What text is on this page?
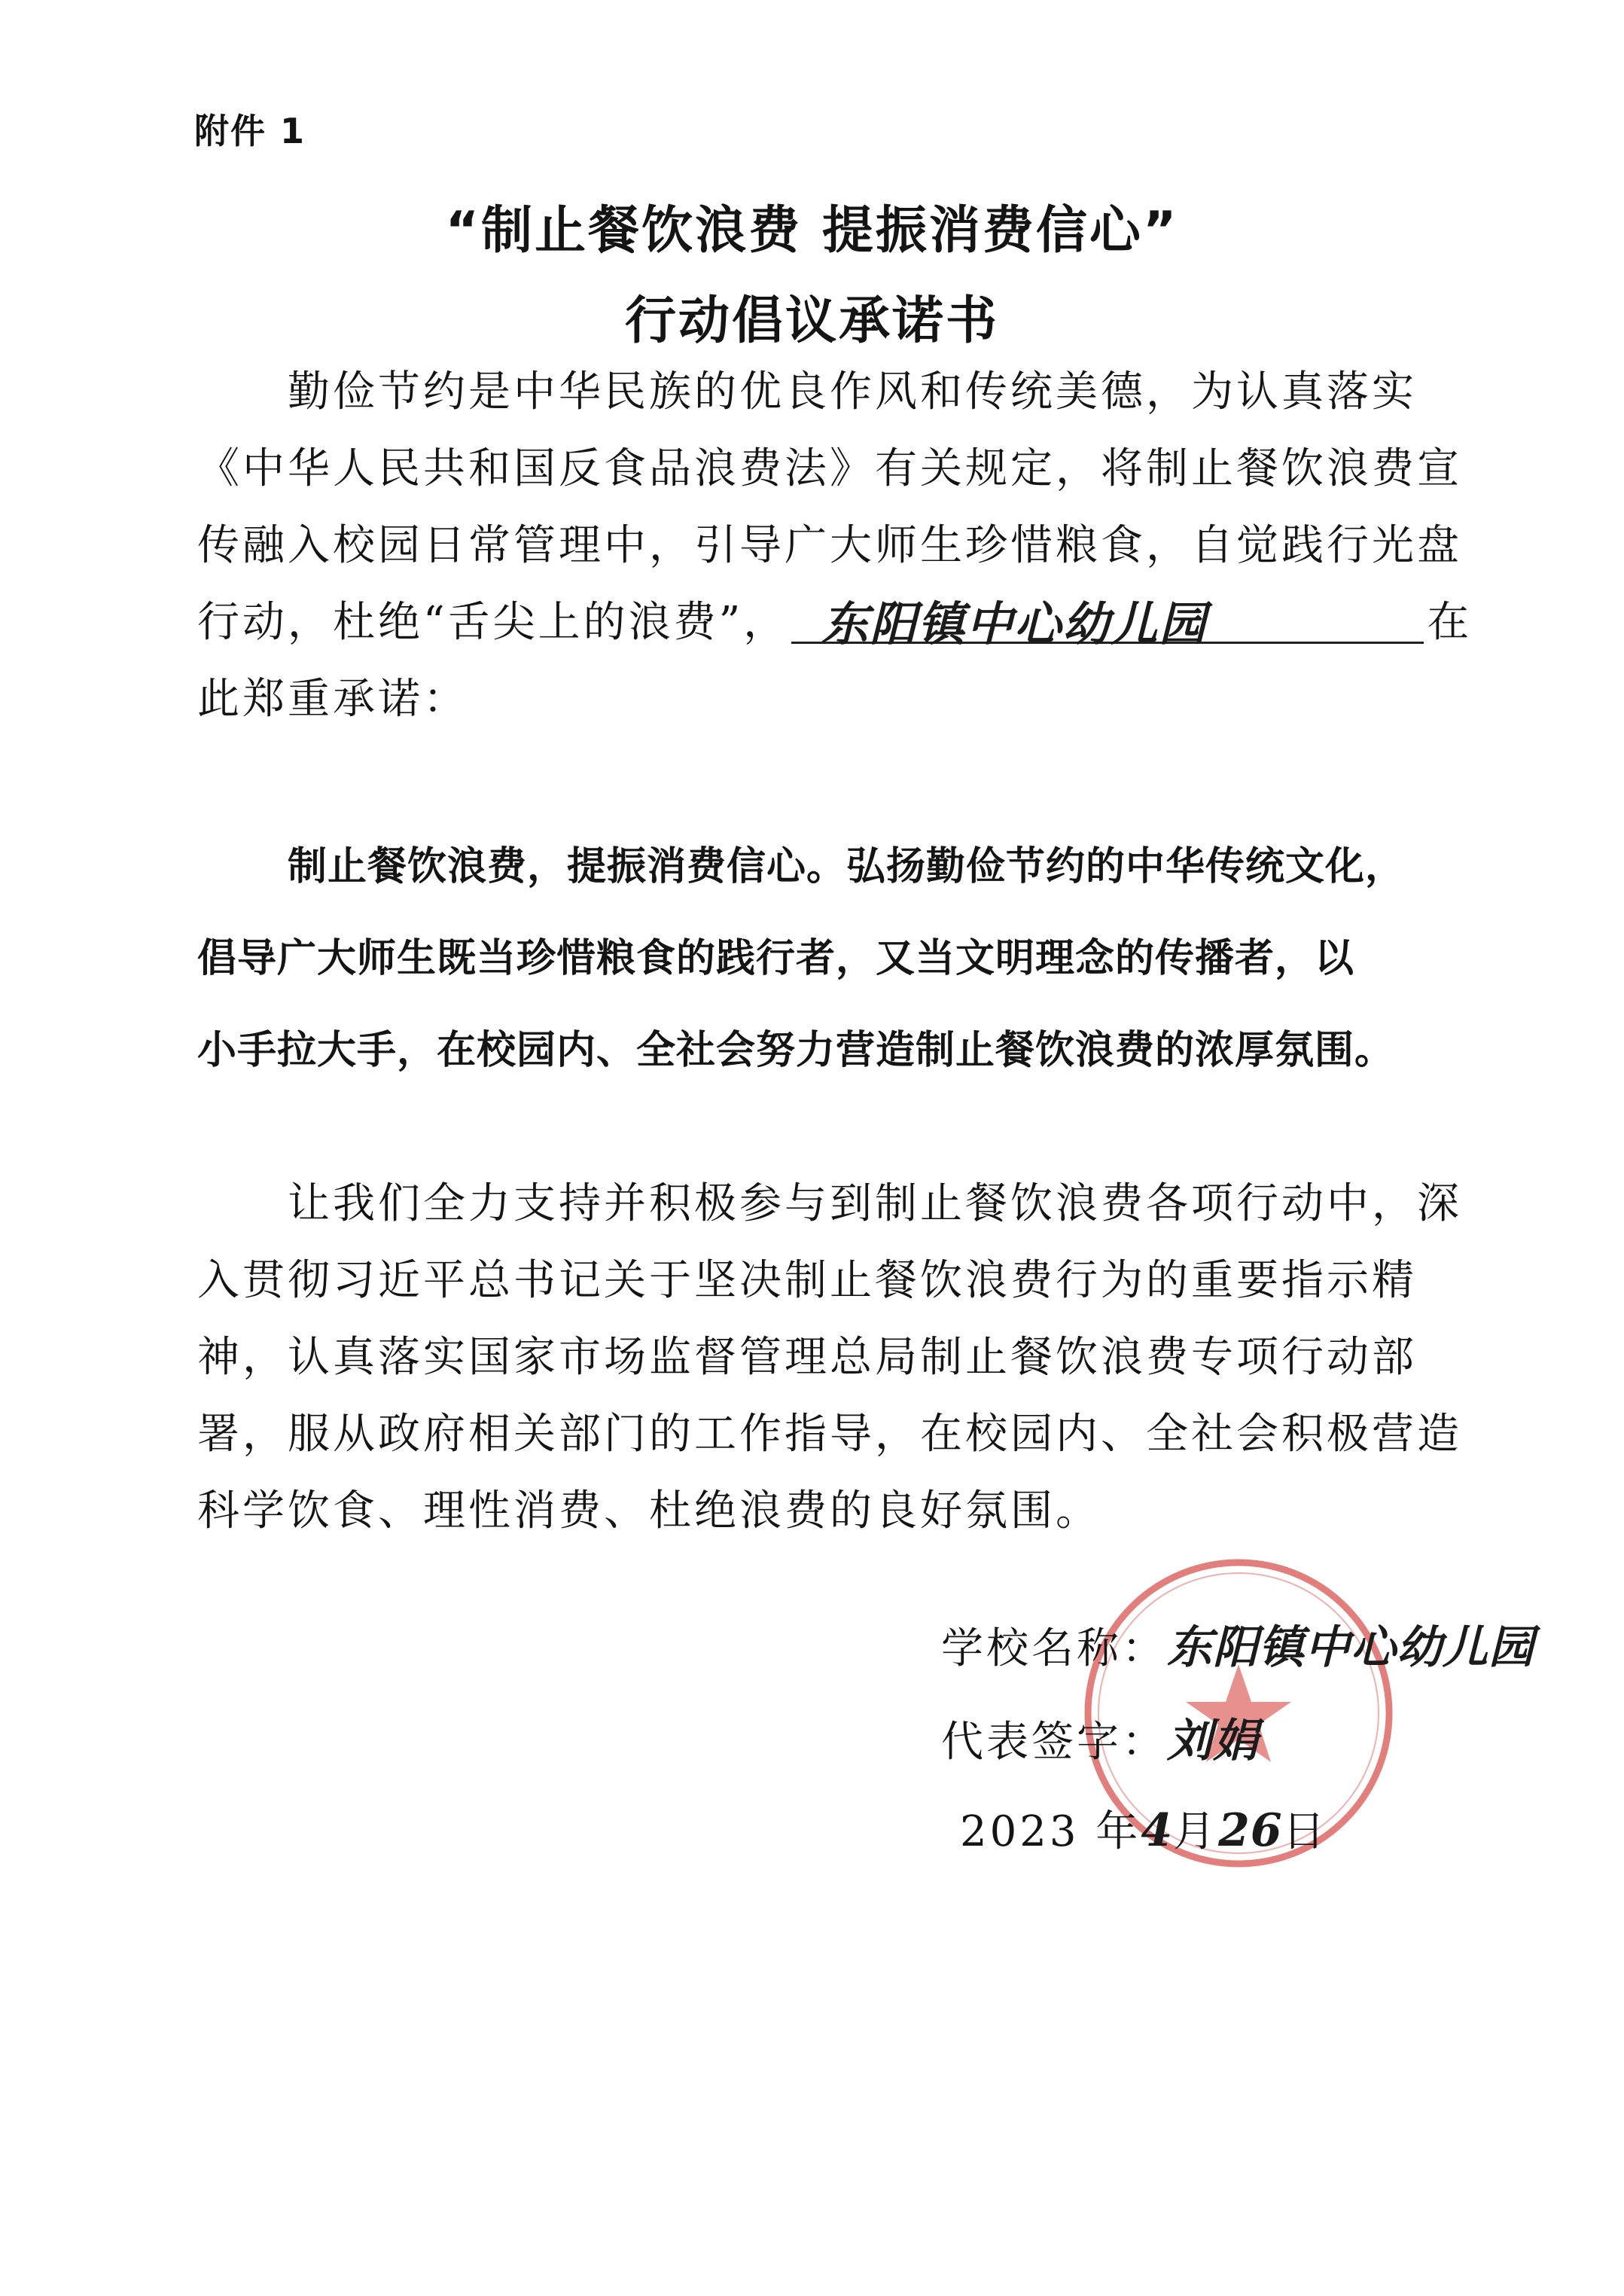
附件 1
“制止餐饮浪费 提振消费信心”
行动倡议承诺书
勤俭节约是中华民族的优良作风和传统美德，为认真落实
《中华人民共和国反食品浪费法》有关规定，将制止餐饮浪费宣
传融入校园日常管理中，引导广大师生珍惜粮食，自觉践行光盘
行动，杜绝“舌尖上的浪费”， 东阳镇中心幼儿园	在
此郑重承诺：
制止餐饮浪费，提振消费信心。弘扬勤俭节约的中华传统文化，
倡导广大师生既当珍惜粮食的践行者，又当文明理念的传播者，以
小手拉大手，在校园内、全社会努力营造制止餐饮浪费的浓厚氛围。
让我们全力支持并积极参与到制止餐饮浪费各项行动中，深
入贯彻习近平总书记关于坚决制止餐饮浪费行为的重要指示精
神，认真落实国家市场监督管理总局制止餐饮浪费专项行动部
署，服从政府相关部门的工作指导，在校园内、全社会积极营造
科学饮食、理性消费、杜绝浪费的良好氛围。
学校名称：东阳镇中心幼儿园
代表签字：刘娟
2023 年4月26日
